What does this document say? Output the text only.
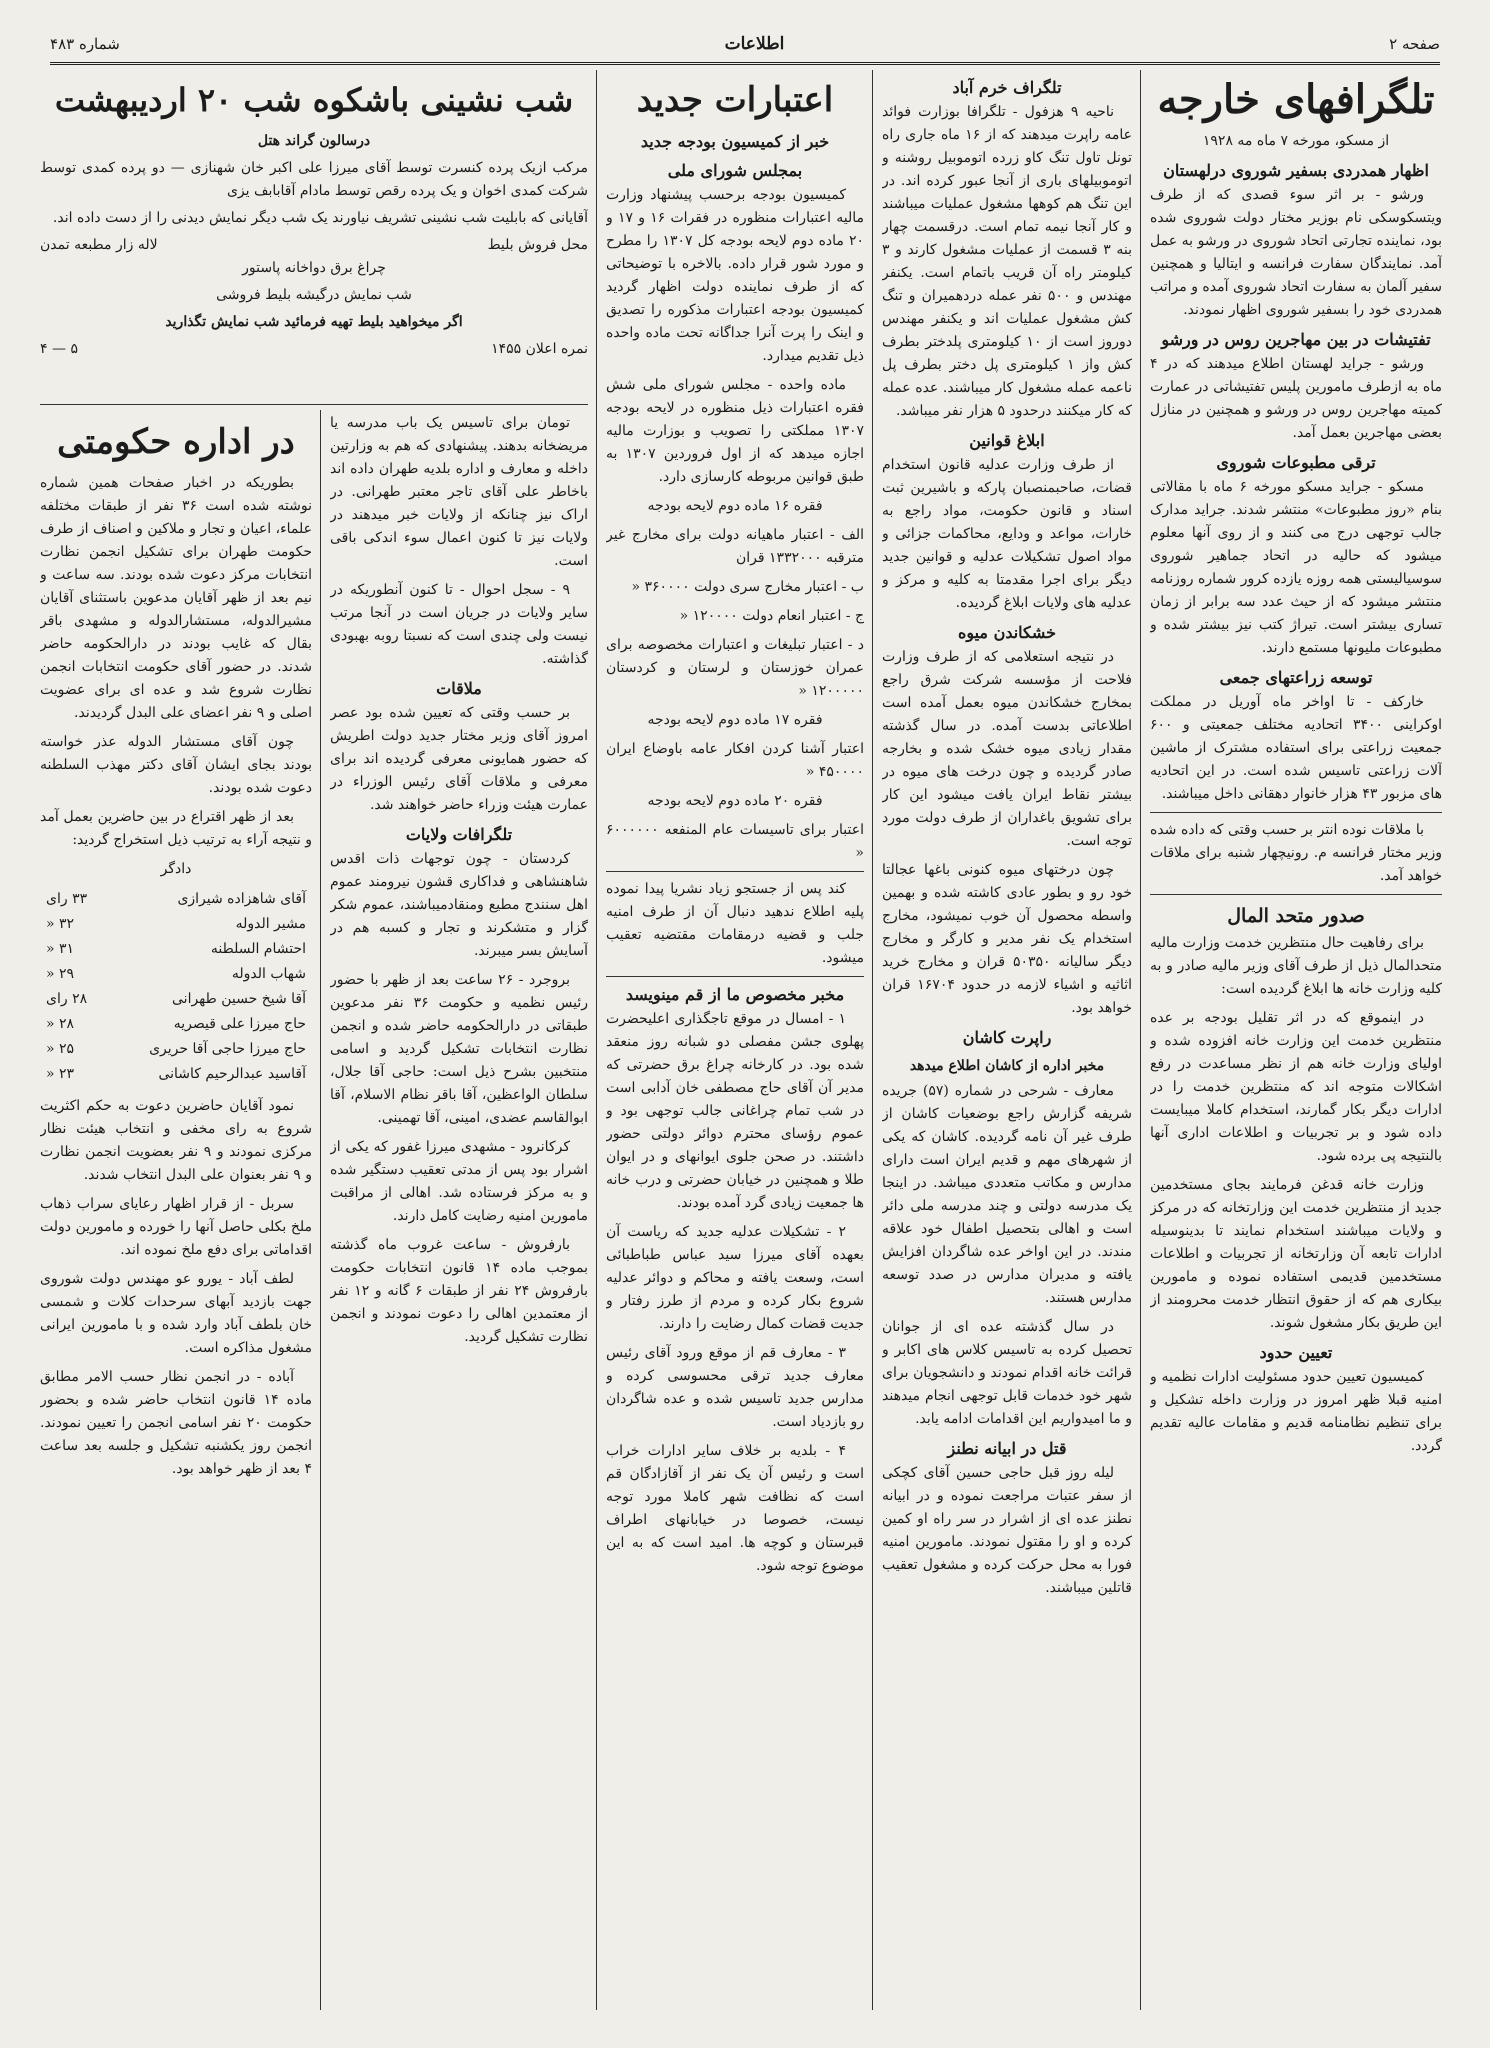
صفحه ۲
اطلاعات
شماره ۴۸۳
تلگرافهای خارجه

از مسکو، مورخه ۷ ماه مه ۱۹۲۸

اظهار همدردی بسفیر شوروی درلهستان

ورشو - بر اثر سوء قصدی که از طرف ویتسکوسکی نام بوزیر مختار دولت شوروی شده بود، نماینده تجارتی اتحاد شوروی در ورشو به عمل آمد. نمایندگان سفارت فرانسه و ایتالیا و همچنین سفیر آلمان به سفارت اتحاد شوروی آمده و مراتب همدردی خود را بسفیر شوروی اظهار نمودند.

تفتیشات در بین مهاجرین روس در ورشو

ورشو - جراید لهستان اطلاع میدهند که در ۴ ماه به ازطرف مامورین پلیس تفتیشاتی در عمارت کمیته مهاجرین روس در ورشو و همچنین در منازل بعضی مهاجرین بعمل آمد.

ترقی مطبوعات شوروی

مسکو - جراید مسکو مورخه ۶ ماه با مقالاتی بنام «روز مطبوعات» منتشر شدند. جراید مدارک جالب توجهی درج می کنند و از روی آنها معلوم میشود که حالیه در اتحاد جماهیر شوروی سوسیالیستی همه روزه یازده کرور شماره روزنامه منتشر میشود که از حیث عدد سه برابر از زمان تساری بیشتر است. تیراژ کتب نیز بیشتر شده و مطبوعات ملیونها مستمع دارند.

توسعه زراعتهای جمعی

خارکف - تا اواخر ماه آوریل در مملکت اوکراینی ۳۴۰۰ اتحادیه مختلف جمعیتی و ۶۰۰ جمعیت زراعتی برای استفاده مشترک از ماشین آلات زراعتی تاسیس شده است. در این اتحادیه های مزبور ۴۳ هزار خانوار دهقانی داخل میباشند.

با ملاقات نوده انتر بر حسب وقتی که داده شده وزیر مختار فرانسه م. رونیچهار شنبه برای ملاقات خواهد آمد.

صدور متحد المال

برای رفاهیت حال منتظرین خدمت وزارت مالیه متحدالمال ذیل از طرف آقای وزیر مالیه صادر و به کلیه وزارت خانه ها ابلاغ گردیده است:

در اینموقع که در اثر تقلیل بودجه بر عده منتظرین خدمت این وزارت خانه افزوده شده و اولیای وزارت خانه هم از نظر مساعدت در رفع اشکالات متوجه اند که منتظرین خدمت را در ادارات دیگر بکار گمارند، استخدام کاملا میبایست داده شود و بر تجربیات و اطلاعات اداری آنها بالنتیجه پی برده شود.

وزارت خانه قدغن فرمایند بجای مستخدمین جدید از منتظرین خدمت این وزارتخانه که در مرکز و ولایات میباشند استخدام نمایند تا بدینوسیله ادارات تابعه آن وزارتخانه از تجربیات و اطلاعات مستخدمین قدیمی استفاده نموده و مامورین بیکاری هم که از حقوق انتظار خدمت محرومند از این طریق بکار مشغول شوند.

تعیین حدود

کمیسیون تعیین حدود مسئولیت ادارات نظمیه و امنیه قبلا ظهر امروز در وزارت داخله تشکیل و برای تنظیم نظامنامه قدیم و مقامات عالیه تقدیم گردد.

تلگراف خرم آباد

ناحیه ۹ هزفول - تلگرافا بوزارت فوائد عامه راپرت میدهند که از ۱۶ ماه جاری راه تونل تاول تنگ کاو زرده اتوموبیل روشنه و اتوموبیلهای باری از آنجا عبور کرده اند. در این تنگ هم کوهها مشغول عملیات میباشند و کار آنجا نیمه تمام است. درقسمت چهار بنه ۳ قسمت از عملیات مشغول کارند و ۳ کیلومتر راه آن قریب باتمام است. یکنفر مهندس و ۵۰۰ نفر عمله دردهمیران و تنگ کش مشغول عملیات اند و یکنفر مهندس دوروز است از ۱۰ کیلومتری پلدختر بطرف کش واز ۱ کیلومتری پل دختر بطرف پل ناعمه عمله مشغول کار میباشند. عده عمله که کار میکنند درحدود ۵ هزار نفر میباشد.

ابلاغ قوانین

از طرف وزارت عدلیه قانون استخدام قضات، صاحبمنصبان پارکه و باشیرین ثبت اسناد و قانون حکومت، مواد راجع به خارات، مواعد و ودایع، محاکمات جزائی و مواد اصول تشکیلات عدلیه و قوانین جدید دیگر برای اجرا مقدمتا به کلیه و مرکز و عدلیه های ولایات ابلاغ گردیده.

خشکاندن میوه

در نتیجه استعلامی که از طرف وزارت فلاحت از مؤسسه شرکت شرق راجع بمخارج خشکاندن میوه بعمل آمده است اطلاعاتی بدست آمده. در سال گذشته مقدار زیادی میوه خشک شده و بخارجه صادر گردیده و چون درخت های میوه در بیشتر نقاط ایران یافت میشود این کار برای تشویق باغداران از طرف دولت مورد توجه است.

چون درختهای میوه کنونی باغها عجالتا خود رو و بطور عادی کاشته شده و بهمین واسطه محصول آن خوب نمیشود، مخارج استخدام یک نفر مدیر و کارگر و مخارج دیگر سالیانه ۵۰۳۵۰ قران و مخارج خرید اثاثیه و اشیاء لازمه در حدود ۱۶۷۰۴ قران خواهد بود.

راپرت کاشان
مخبر اداره از کاشان اطلاع میدهد

معارف - شرحی در شماره (۵۷) جریده شریفه گزارش راجع بوضعیات کاشان از طرف غیر آن نامه گردیده. کاشان که یکی از شهرهای مهم و قدیم ایران است دارای مدارس و مکاتب متعددی میباشد. در اینجا یک مدرسه دولتی و چند مدرسه ملی دائر است و اهالی بتحصیل اطفال خود علاقه مندند. در این اواخر عده شاگردان افزایش یافته و مدیران مدارس در صدد توسعه مدارس هستند.

در سال گذشته عده ای از جوانان تحصیل کرده به تاسیس کلاس های اکابر و قرائت خانه اقدام نمودند و دانشجویان برای شهر خود خدمات قابل توجهی انجام میدهند و ما امیدواریم این اقدامات ادامه یابد.

قتل در ابیانه نطنز

لیله روز قبل حاجی حسین آقای کچکی از سفر عتبات مراجعت نموده و در ابیانه نطنز عده ای از اشرار در سر راه او کمین کرده و او را مقتول نمودند. مامورین امنیه فورا به محل حرکت کرده و مشغول تعقیب قاتلین میباشند.

اعتبارات جدید
خبر از کمیسیون بودجه جدید
بمجلس شورای ملی

کمیسیون بودجه برحسب پیشنهاد وزارت مالیه اعتبارات منظوره در فقرات ۱۶ و ۱۷ و ۲۰ ماده دوم لایحه بودجه کل ۱۳۰۷ را مطرح و مورد شور قرار داده. بالاخره با توضیحاتی که از طرف نماینده دولت اظهار گردید کمیسیون بودجه اعتبارات مذکوره را تصدیق و اینک را پرت آنرا جداگانه تحت ماده واحده ذیل تقدیم میدارد.

ماده واحده - مجلس شورای ملی شش فقره اعتبارات ذیل منظوره در لایحه بودجه ۱۳۰۷ مملکتی را تصویب و بوزارت مالیه اجازه میدهد که از اول فروردین ۱۳۰۷ به طبق قوانین مربوطه کارسازی دارد.

فقره ۱۶ ماده دوم لایحه بودجه

الف - اعتبار ماهیانه دولت برای مخارج غیر مترقبه ۱۳۳۲۰۰۰ قران

ب - اعتبار مخارج سری دولت ۳۶۰۰۰۰ «

ج - اعتبار انعام دولت ۱۲۰۰۰۰ «

د - اعتبار تبلیغات و اعتبارات مخصوصه برای عمران خوزستان و لرستان و کردستان ۱۲۰۰۰۰۰ «

فقره ۱۷ ماده دوم لایحه بودجه

اعتبار آشنا کردن افکار عامه باوضاع ایران ۴۵۰۰۰۰ «

فقره ۲۰ ماده دوم لایحه بودجه

اعتبار برای تاسیسات عام المنفعه ۶۰۰۰۰۰۰ «

کند پس از جستجو زیاد نشریا پیدا نموده پلیه اطلاع ندهید دنبال آن از طرف امنیه جلب و قضیه درمقامات مقتضیه تعقیب میشود.

مخبر مخصوص ما از قم مینویسد

۱ - امسال در موقع تاجگذاری اعلیحضرت پهلوی جشن مفصلی دو شبانه روز منعقد شده بود. در کارخانه چراغ برق حضرتی که مدیر آن آقای حاج مصطفی خان آدابی است در شب تمام چراغانی جالب توجهی بود و عموم رؤسای محترم دوائر دولتی حضور داشتند. در صحن جلوی ایوانهای و در ایوان طلا و همچنین در خیابان حضرتی و درب خانه ها جمعیت زیادی گرد آمده بودند.

۲ - تشکیلات عدلیه جدید که ریاست آن بعهده آقای میرزا سید عباس طباطبائی است، وسعت یافته و محاکم و دوائر عدلیه شروع بکار کرده و مردم از طرز رفتار و جدیت قضات کمال رضایت را دارند.

۳ - معارف قم از موقع ورود آقای رئیس معارف جدید ترقی محسوسی کرده و مدارس جدید تاسیس شده و عده شاگردان رو بازدیاد است.

۴ - بلدیه بر خلاف سایر ادارات خراب است و رئیس آن یک نفر از آقازادگان قم است که نظافت شهر کاملا مورد توجه نیست، خصوصا در خیابانهای اطراف قبرستان و کوچه ها. امید است که به این موضوع توجه شود.

شب نشینی باشکوه شب ۲۰ اردیبهشت

درسالون گراند هتل

مرکب ازیک پرده کنسرت توسط آقای میرزا علی اکبر خان شهنازی — دو پرده کمدی توسط شرکت کمدی اخوان و یک پرده رقص توسط مادام آقابابف یزی

آقایانی که بابلیت شب نشینی تشریف نیاورند یک شب دیگر نمایش دیدنی را از دست داده اند.

محل فروش بلیط
لاله زار مطبعه تمدن

چراغ برق دواخانه پاستور

شب نمایش درگیشه بلیط فروشی

اگر میخواهید بلیط تهیه فرمائید شب نمایش تگذارید

نمره اعلان ۱۴۵۵
۵ — ۴

تومان برای تاسیس یک باب مدرسه یا مریضخانه بدهند. پیشنهادی که هم به وزارتین داخله و معارف و اداره بلدیه طهران داده اند باخاطر علی آقای تاجر معتبر طهرانی. در اراک نیز چنانکه از ولایات خبر میدهند در ولایات نیز تا کنون اعمال سوء اندکی باقی است.

۹ - سجل احوال - تا کنون آنطوریکه در سایر ولایات در جریان است در آنجا مرتب نیست ولی چندی است که نسبتا روبه بهبودی گذاشته.

ملاقات

بر حسب وقتی که تعیین شده بود عصر امروز آقای وزیر مختار جدید دولت اطریش که حضور همایونی معرفی گردیده اند برای معرفی و ملاقات آقای رئیس الوزراء در عمارت هیئت وزراء حاضر خواهند شد.

تلگرافات ولایات

کردستان - چون توجهات ذات اقدس شاهنشاهی و فداکاری قشون نیرومند عموم اهل سنندج مطیع ومنقادمیباشند، عموم شکر گزار و متشکرند و تجار و کسبه هم در آسایش بسر میبرند.

بروجرد - ۲۶ ساعت بعد از ظهر با حضور رئیس نظمیه و حکومت ۳۶ نفر مدعوین طبقاتی در دارالحکومه حاضر شده و انجمن نظارت انتخابات تشکیل گردید و اسامی منتخبین بشرح ذیل است: حاجی آقا جلال، سلطان الواعظین، آقا باقر نظام الاسلام، آقا ابوالقاسم عضدی، امینی، آقا تهمینی.

کرکانرود - مشهدی میرزا غفور که یکی از اشرار بود پس از مدتی تعقیب دستگیر شده و به مرکز فرستاده شد. اهالی از مراقبت مامورین امنیه رضایت کامل دارند.

بارفروش - ساعت غروب ماه گذشته بموجب ماده ۱۴ قانون انتخابات حکومت بارفروش ۲۴ نفر از طبقات ۶ گانه و ۱۲ نفر از معتمدین اهالی را دعوت نمودند و انجمن نظارت تشکیل گردید.

در اداره حکومتی

بطوریکه در اخبار صفحات همین شماره نوشته شده است ۳۶ نفر از طبقات مختلفه علماء، اعیان و تجار و ملاکین و اصناف از طرف حکومت طهران برای تشکیل انجمن نظارت انتخابات مرکز دعوت شده بودند. سه ساعت و نیم بعد از ظهر آقایان مدعوین باستثنای آقایان مشیرالدوله، مستشارالدوله و مشهدی باقر بقال که غایب بودند در دارالحکومه حاضر شدند. در حضور آقای حکومت انتخابات انجمن نظارت شروع شد و عده ای برای عضویت اصلی و ۹ نفر اعضای علی البدل گردیدند.

چون آقای مستشار الدوله عذر خواسته بودند بجای ایشان آقای دکتر مهذب السلطنه دعوت شده بودند.

بعد از ظهر اقتراع در بین حاضرین بعمل آمد و نتیجه آراء به ترتیب ذیل استخراج گردید:

دادگر

آقای شاهزاده شیرازی	۳۳ رای
مشیر الدوله	۳۲ «
احتشام السلطنه	۳۱ «
شهاب الدوله	۲۹ «
آقا شیخ حسین طهرانی	۲۸ رای
حاج میرزا علی قیصریه	۲۸ «
حاج میرزا حاجی آقا حریری	۲۵ «
آقاسید عبدالرحیم کاشانی	۲۳ «

نمود آقایان حاضرین دعوت به حکم اکثریت شروع به رای مخفی و انتخاب هیئت نظار مرکزی نمودند و ۹ نفر بعضویت انجمن نظارت و ۹ نفر بعنوان علی البدل انتخاب شدند.

سربل - از قرار اظهار رعایای سراب ذهاب ملخ بکلی حاصل آنها را خورده و مامورین دولت اقداماتی برای دفع ملخ نموده اند.

لطف آباد - یورو عو مهندس دولت شوروی جهت بازدید آبهای سرحدات کلات و شمسی خان بلطف آباد وارد شده و با مامورین ایرانی مشغول مذاکره است.

آباده - در انجمن نظار حسب الامر مطابق ماده ۱۴ قانون انتخاب حاضر شده و بحضور حکومت ۲۰ نفر اسامی انجمن را تعیین نمودند. انجمن روز یکشنبه تشکیل و جلسه بعد ساعت ۴ بعد از ظهر خواهد بود.
